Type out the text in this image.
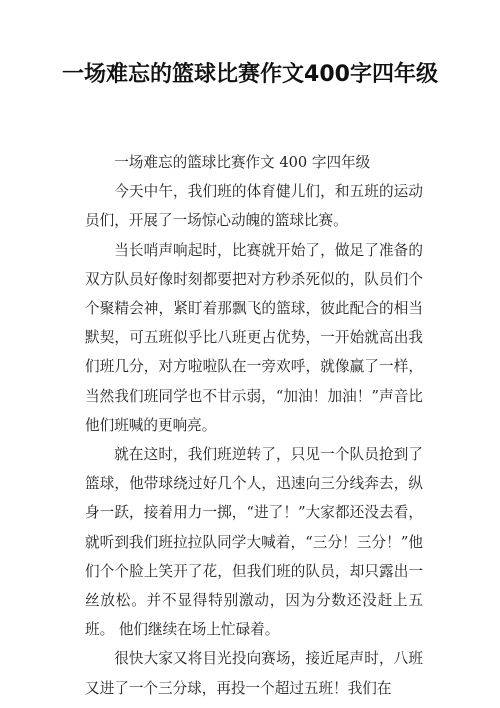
一场难忘的篮球比赛作文400字四年级

一场难忘的篮球比赛作文 400 字四年级

今天中午，我们班的体育健儿们，和五班的运动员们，开展了一场惊心动魄的篮球比赛。

当长哨声响起时，比赛就开始了，做足了准备的双方队员好像时刻都要把对方秒杀死似的，队员们个个聚精会神，紧盯着那飘飞的篮球，彼此配合的相当默契，可五班似乎比八班更占优势，一开始就高出我们班几分，对方啦啦队在一旁欢呼，就像赢了一样，当然我们班同学也不甘示弱，“加油！加油！”声音比他们班喊的更响亮。

就在这时，我们班逆转了，只见一个队员抢到了篮球，他带球绕过好几个人，迅速向三分线奔去，纵身一跃，接着用力一掷，“进了！”大家都还没去看，就听到我们班拉拉队同学大喊着，“三分！三分！”他们个个脸上笑开了花，但我们班的队员，却只露出一丝放松。并不显得特别激动，因为分数还没赶上五班。 他们继续在场上忙碌着。

很快大家又将目光投向赛场，接近尾声时，八班又进了一个三分球，再投一个超过五班！我们在
